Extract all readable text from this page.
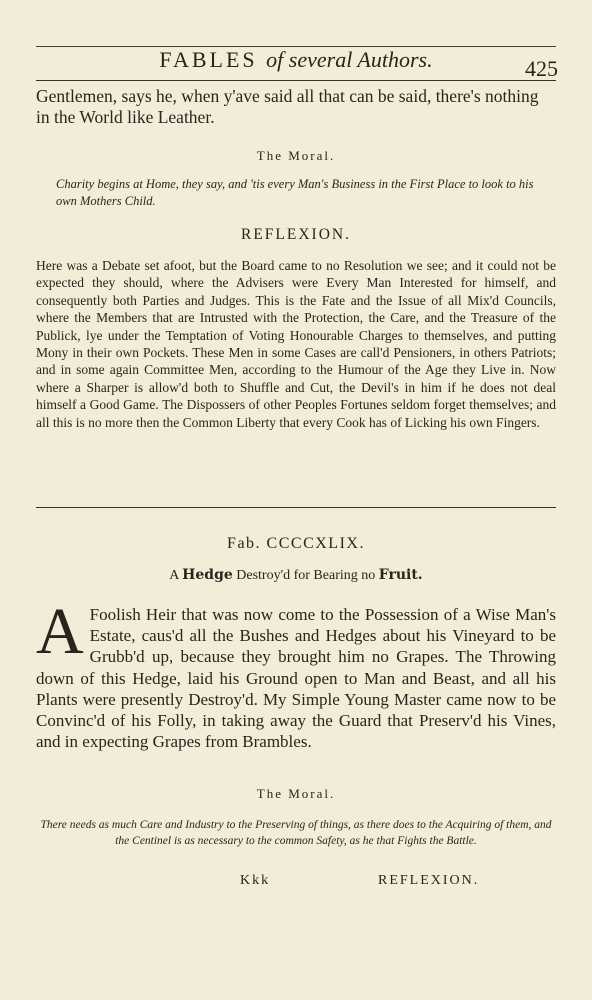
FABLES of several Authors.	425
Gentlemen, says he, when y'ave said all that can be said, there's nothing in the World like Leather.
The Moral.
Charity begins at Home, they say, and 'tis every Man's Business in the First Place to look to his own Mothers Child.
REFLEXION.
Here was a Debate set afoot, but the Board came to no Resolution we see; and it could not be expected they should, where the Advisers were Every Man Interested for himself, and consequently both Parties and Judges. This is the Fate and the Issue of all Mix'd Councils, where the Members that are Intrusted with the Protection, the Care, and the Treasure of the Publick, lye under the Temptation of Voting Honourable Charges to themselves, and putting Mony in their own Pockets. These Men in some Cases are call'd Pensioners, in others Patriots; and in some again Committee Men, according to the Humour of the Age they Live in. Now where a Sharper is allow'd both to Shuffle and Cut, the Devil's in him if he does not deal himself a Good Game. The Dispossers of other Peoples Fortunes seldom forget themselves; and all this is no more then the Common Liberty that every Cook has of Licking his own Fingers.
Fab. CCCCXLIX.
A Hedge Destroy'd for Bearing no Fruit.
A Foolish Heir that was now come to the Possession of a Wise Man's Estate, caus'd all the Bushes and Hedges about his Vineyard to be Grubb'd up, because they brought him no Grapes. The Throwing down of this Hedge, laid his Ground open to Man and Beast, and all his Plants were presently Destroy'd. My Simple Young Master came now to be Convinc'd of his Folly, in taking away the Guard that Preserv'd his Vines, and in expecting Grapes from Brambles.
The Moral.
There needs as much Care and Industry to the Preserving of things, as there does to the Acquiring of them, and the Centinel is as necessary to the common Safety, as he that Fights the Battle.
Kkk	REFLEXION.
